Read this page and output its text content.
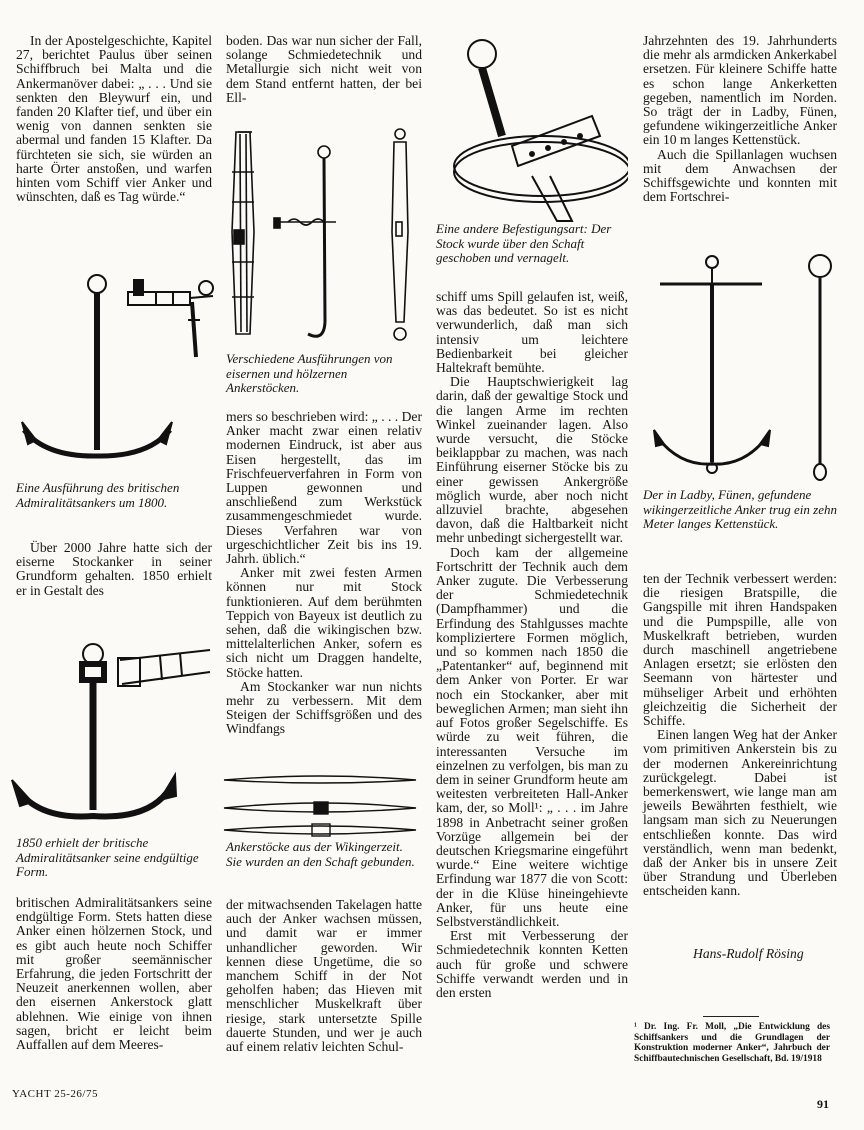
In der Apostelgeschichte, Kapitel 27, berichtet Paulus über seinen Schiffbruch bei Malta und die Ankermanöver dabei: „ . . . Und sie senkten den Bleywurf ein, und fanden 20 Klafter tief, und über ein wenig von dannen senkten sie abermal und fanden 15 Klafter. Da fürchteten sie sich, sie würden an harte Örter anstoßen, und warfen hinten vom Schiff vier Anker und wünschten, daß es Tag würde.“

Eine Ausführung des britischen Admiralitätsankers um 1800.

Über 2000 Jahre hatte sich der eiserne Stockanker in seiner Grundform gehalten. 1850 erhielt er in Gestalt des

1850 erhielt der britische Admiralitätsanker seine endgültige Form.

britischen Admiralitätsankers seine endgültige Form. Stets hatten diese Anker einen hölzernen Stock, und es gibt auch heute noch Schiffer mit großer seemännischer Erfahrung, die jeden Fortschritt der Neuzeit anerkennen wollen, aber den eisernen Ankerstock glatt ablehnen. Wie einige von ihnen sagen, bricht er leicht beim Auffallen auf dem Meeres-

boden. Das war nun sicher der Fall, solange Schmiedetechnik und Metallurgie sich nicht weit von dem Stand entfernt hatten, der bei Ell-

Verschiedene Ausführungen von eisernen und hölzernen Ankerstöcken.

mers so beschrieben wird: „ . . . Der Anker macht zwar einen relativ modernen Eindruck, ist aber aus Eisen hergestellt, das im Frischfeuerverfahren in Form von Luppen gewonnen und anschließend zum Werkstück zusammengeschmiedet wurde. Dieses Verfahren war von urgeschichtlicher Zeit bis ins 19. Jahrh. üblich.“

Anker mit zwei festen Armen können nur mit Stock funktionieren. Auf dem berühmten Teppich von Bayeux ist deutlich zu sehen, daß die wikingischen bzw. mittelalterlichen Anker, sofern es sich nicht um Draggen handelte, Stöcke hatten.

Am Stockanker war nun nichts mehr zu verbessern. Mit dem Steigen der Schiffsgrößen und des Windfangs

Ankerstöcke aus der Wikingerzeit. Sie wurden an den Schaft gebunden.

der mitwachsenden Takelagen hatte auch der Anker wachsen müssen, und damit war er immer unhandlicher geworden. Wir kennen diese Ungetüme, die so manchem Schiff in der Not geholfen haben; das Hieven mit menschlicher Muskelkraft über riesige, stark untersetzte Spille dauerte Stunden, und wer je auch auf einem relativ leichten Schul-

Eine andere Befestigungsart: Der Stock wurde über den Schaft geschoben und vernagelt.

schiff ums Spill gelaufen ist, weiß, was das bedeutet. So ist es nicht verwunderlich, daß man sich intensiv um leichtere Bedienbarkeit bei gleicher Haltekraft bemühte.

Die Hauptschwierigkeit lag darin, daß der gewaltige Stock und die langen Arme im rechten Winkel zueinander lagen. Also wurde versucht, die Stöcke beiklappbar zu machen, was nach Einführung eiserner Stöcke bis zu einer gewissen Ankergröße möglich wurde, aber noch nicht allzuviel brachte, abgesehen davon, daß die Haltbarkeit nicht mehr unbedingt sichergestellt war.

Doch kam der allgemeine Fortschritt der Technik auch dem Anker zugute. Die Verbesserung der Schmiedetechnik (Dampfhammer) und die Erfindung des Stahlgusses machte kompliziertere Formen möglich, und so kommen nach 1850 die „Patentanker“ auf, beginnend mit dem Anker von Porter. Er war noch ein Stockanker, aber mit beweglichen Armen; man sieht ihn auf Fotos großer Segelschiffe. Es würde zu weit führen, die interessanten Versuche im einzelnen zu verfolgen, bis man zu dem in seiner Grundform heute am weitesten verbreiteten Hall-Anker kam, der, so Moll¹: „ . . . im Jahre 1898 in Anbetracht seiner großen Vorzüge allgemein bei der deutschen Kriegsmarine eingeführt wurde.“ Eine weitere wichtige Erfindung war 1877 die von Scott: der in die Klüse hineingehievte Anker, für uns heute eine Selbstverständlichkeit.

Erst mit Verbesserung der Schmiedetechnik konnten Ketten auch für große und schwere Schiffe verwandt werden und in den ersten

Jahrzehnten des 19. Jahrhunderts die mehr als armdicken Ankerkabel ersetzen. Für kleinere Schiffe hatte es schon lange Ankerketten gegeben, namentlich im Norden. So trägt der in Ladby, Fünen, gefundene wikingerzeitliche Anker ein 10 m langes Kettenstück.

Auch die Spillanlagen wuchsen mit dem Anwachsen der Schiffsgewichte und konnten mit dem Fortschrei-

Der in Ladby, Fünen, gefundene wikingerzeitliche Anker trug ein zehn Meter langes Kettenstück.

ten der Technik verbessert werden: die riesigen Bratspille, die Gangspille mit ihren Handspaken und die Pumpspille, alle von Muskelkraft betrieben, wurden durch maschinell angetriebene Anlagen ersetzt; sie erlösten den Seemann von härtester und mühseliger Arbeit und erhöhten gleichzeitig die Sicherheit der Schiffe.

Einen langen Weg hat der Anker vom primitiven Ankerstein bis zu der modernen Ankereinrichtung zurückgelegt. Dabei ist bemerkenswert, wie lange man am jeweils Bewährten festhielt, wie langsam man sich zu Neuerungen entschließen konnte. Das wird verständlich, wenn man bedenkt, daß der Anker bis in unsere Zeit über Strandung und Überleben entscheiden kann.

Hans-Rudolf Rösing
¹ Dr. Ing. Fr. Moll, „Die Entwicklung des Schiffsankers und die Grundlagen der Konstruktion moderner Anker“, Jahrbuch der Schiffbautechnischen Gesellschaft, Bd. 19/1918
YACHT 25-26/75
91
